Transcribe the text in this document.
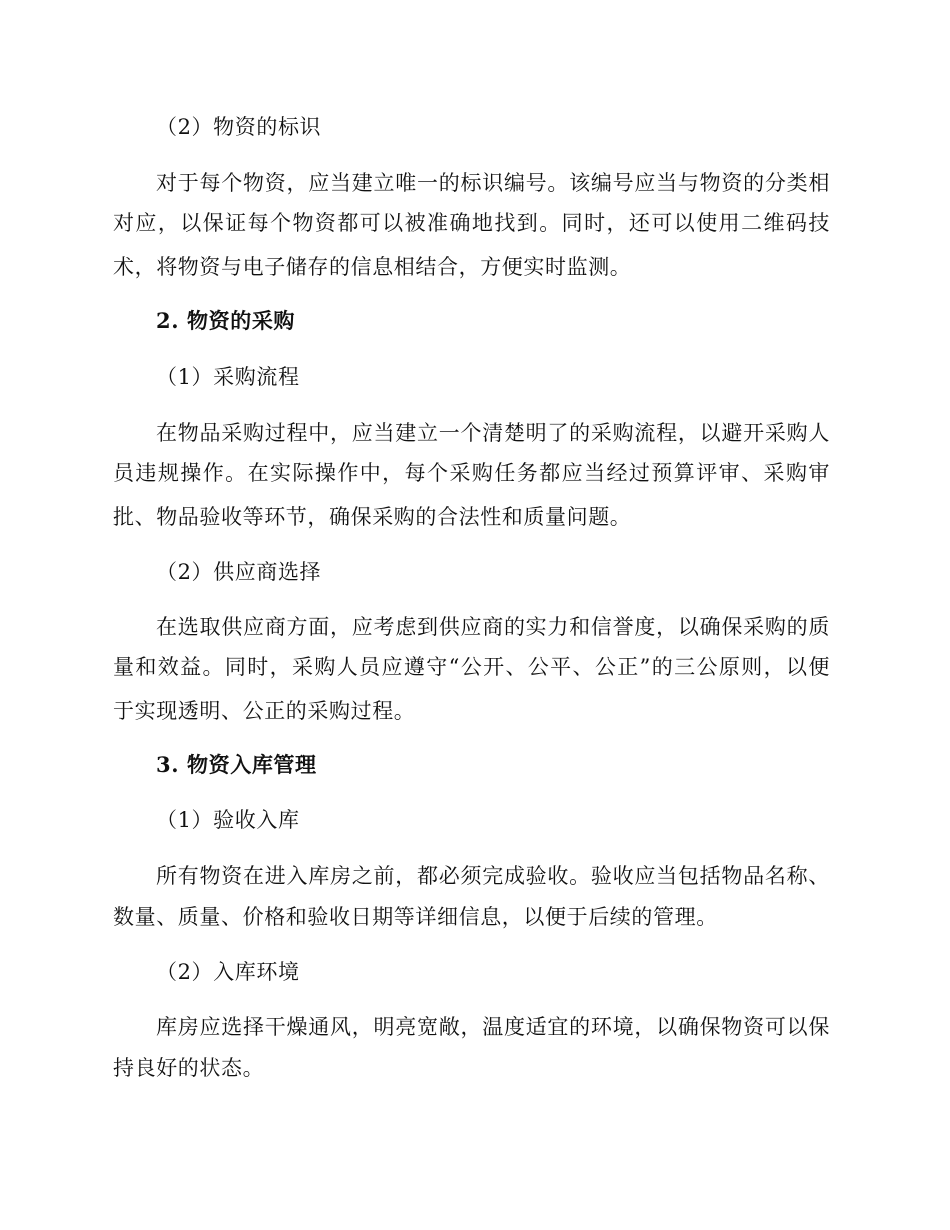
（2）物资的标识
对于每个物资，应当建立唯一的标识编号。该编号应当与物资的分类相
对应，以保证每个物资都可以被准确地找到。同时，还可以使用二维码技
术，将物资与电子储存的信息相结合，方便实时监测。
2. 物资的采购
（1）采购流程
在物品采购过程中，应当建立一个清楚明了的采购流程，以避开采购人
员违规操作。在实际操作中，每个采购任务都应当经过预算评审、采购审
批、物品验收等环节，确保采购的合法性和质量问题。
（2）供应商选择
在选取供应商方面，应考虑到供应商的实力和信誉度，以确保采购的质
量和效益。同时，采购人员应遵守“公开、公平、公正”的三公原则，以便
于实现透明、公正的采购过程。
3. 物资入库管理
（1）验收入库
所有物资在进入库房之前，都必须完成验收。验收应当包括物品名称、
数量、质量、价格和验收日期等详细信息，以便于后续的管理。
（2）入库环境
库房应选择干燥通风，明亮宽敞，温度适宜的环境，以确保物资可以保
持良好的状态。
